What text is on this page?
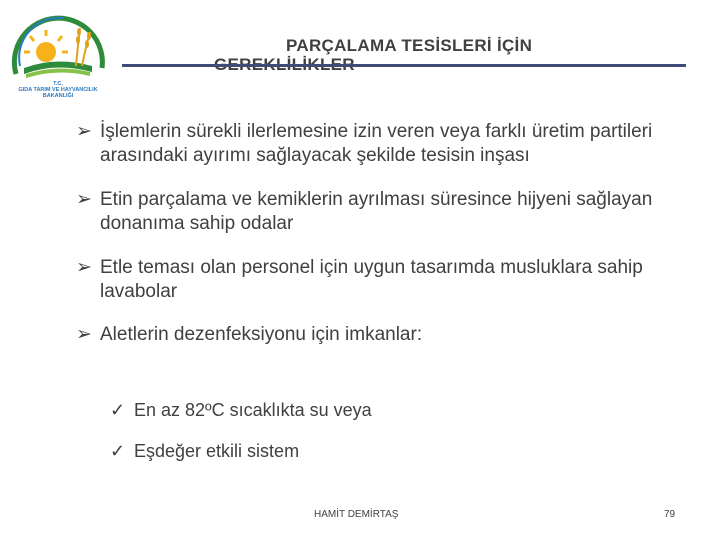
T.C.
GIDA TARIM VE HAYVANCILIK
BAKANLIĞI
PARÇALAMA TESİSLERİ İÇİN
➢ İşlemlerin sürekli ilerlemesine izin veren veya farklı üretim partileri arasındaki ayırımı sağlayacak şekilde tesisin inşası
➢ Etin parçalama ve kemiklerin ayrılması süresince hijyeni sağlayan donanıma sahip odalar
➢ Etle teması olan personel için uygun tasarımda musluklara sahip lavabolar
➢ Aletlerin dezenfeksiyonu için imkanlar:
✓ En az 82ºC sıcaklıkta su veya
✓ Eşdeğer etkili sistem
HAMİT DEMİRTAŞ	79
